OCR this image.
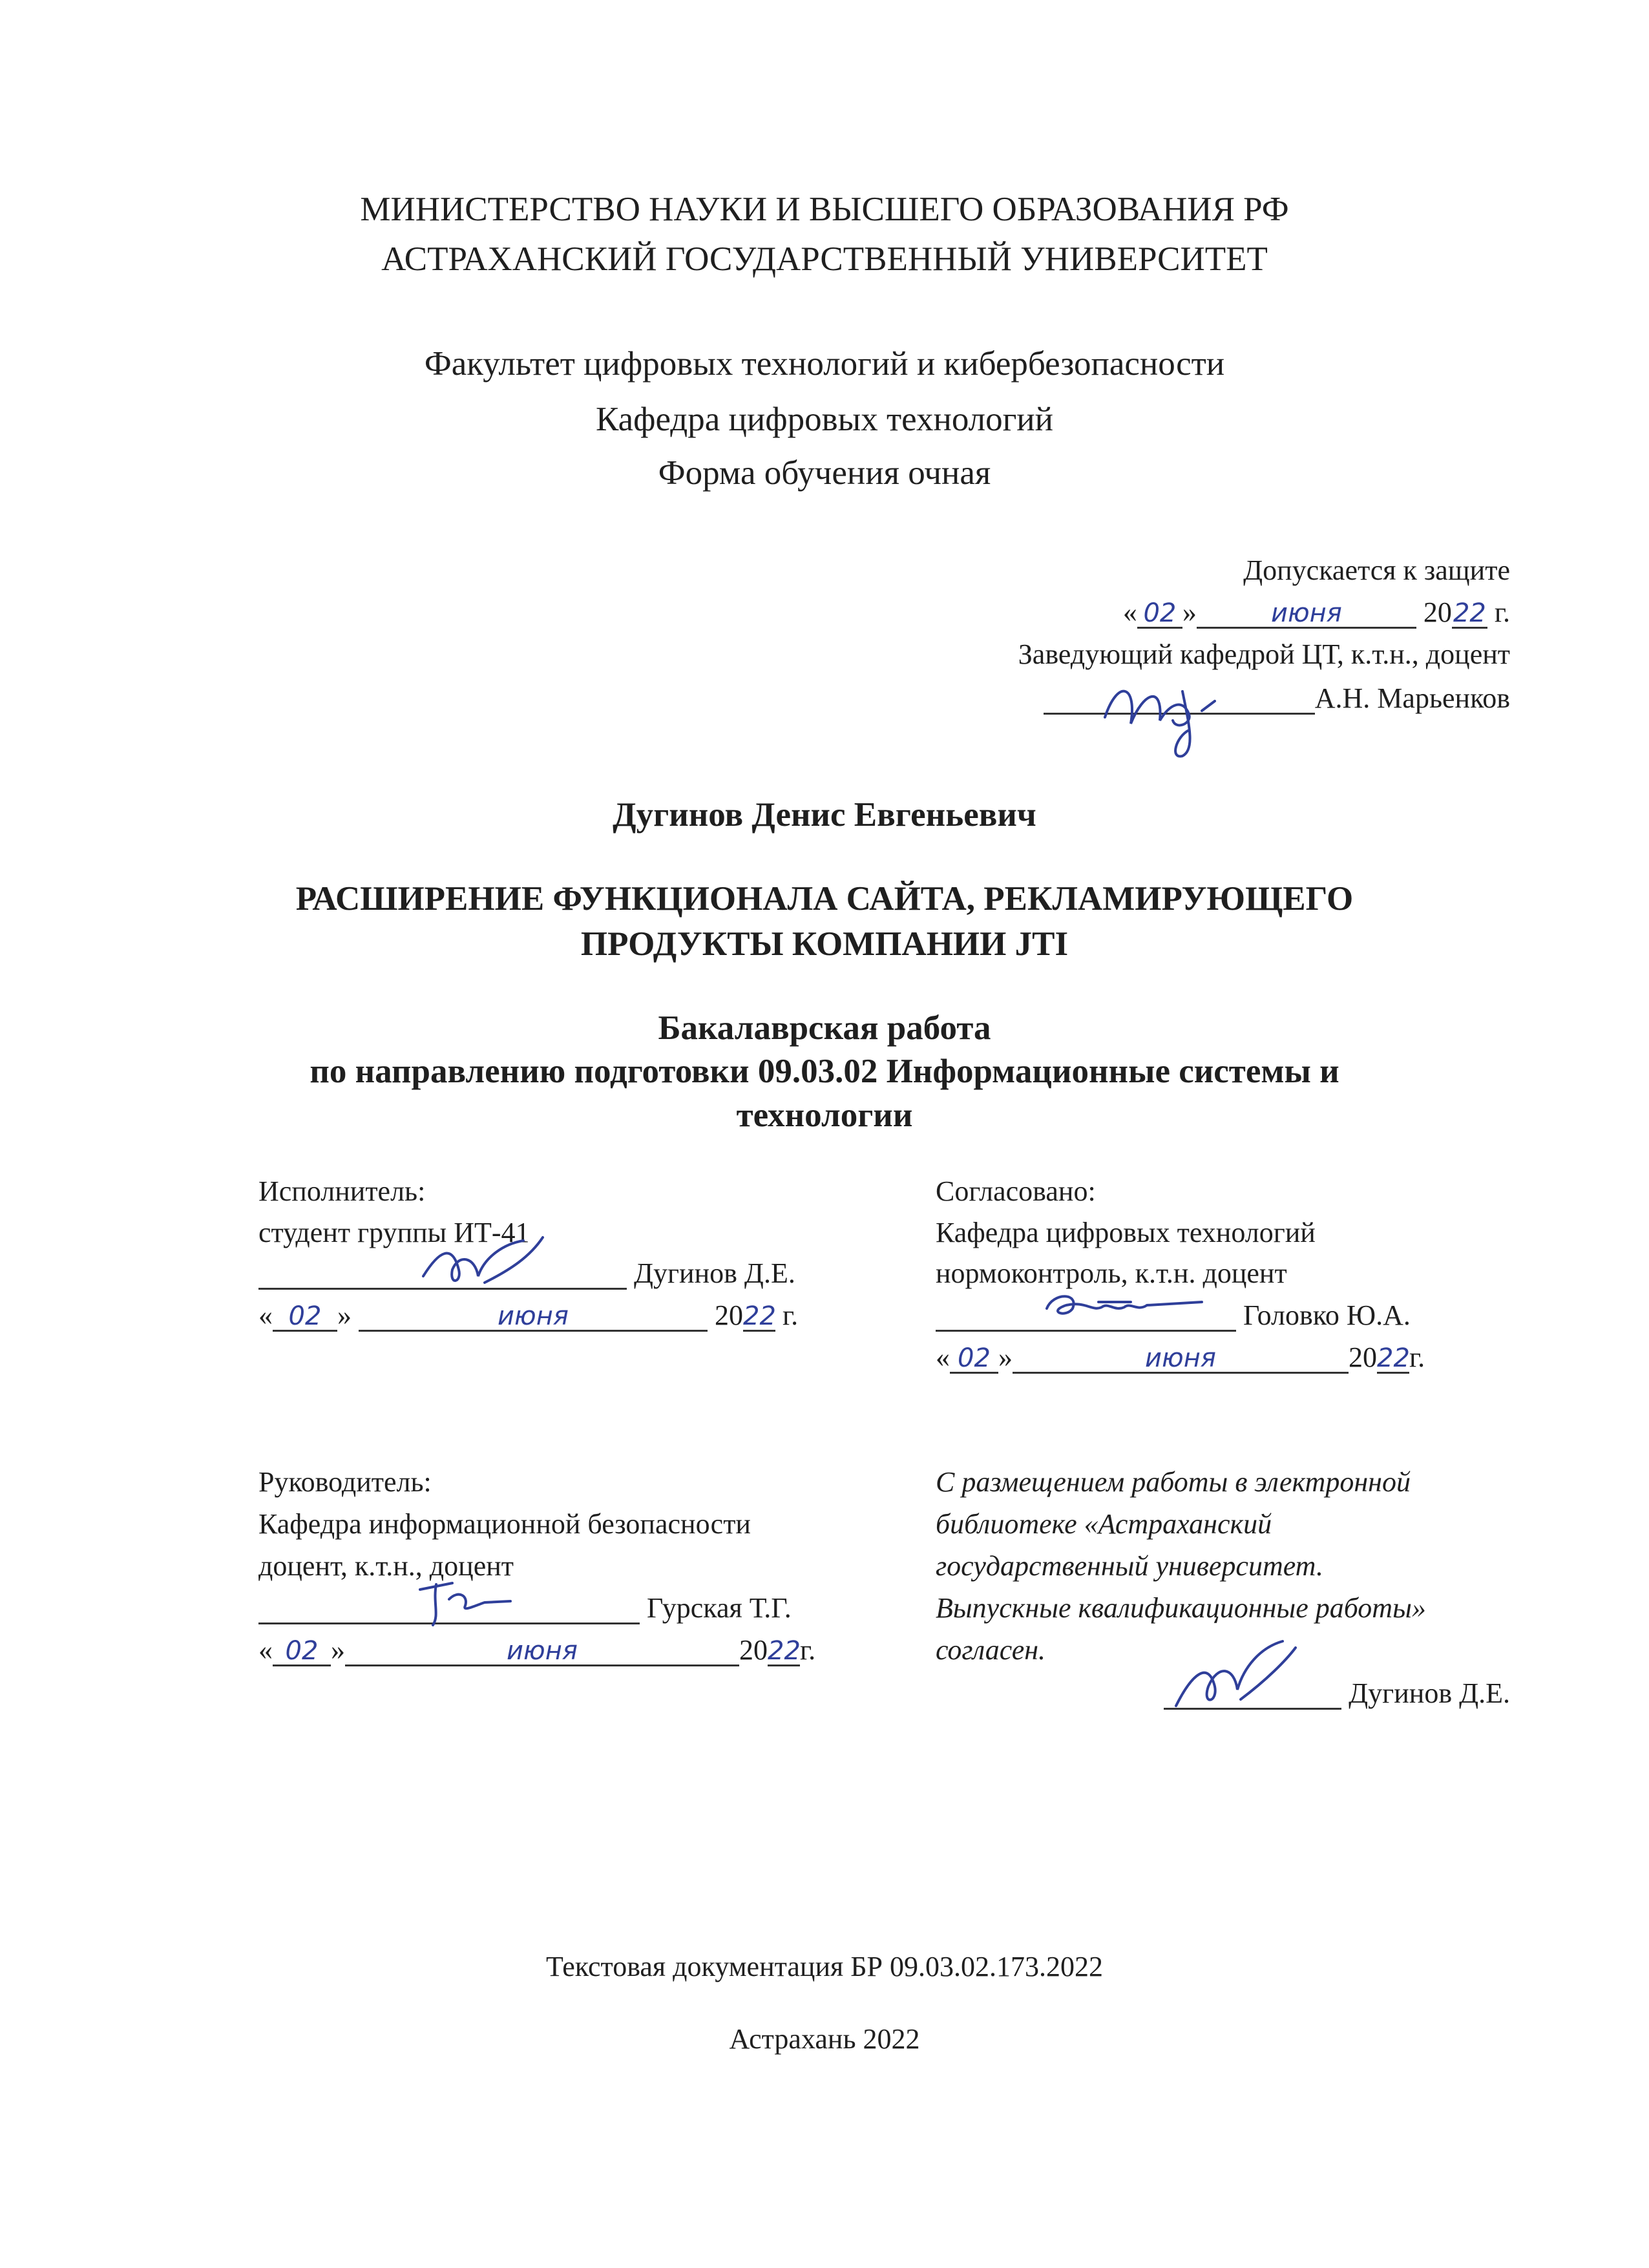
МИНИСТЕРСТВО НАУКИ И ВЫСШЕГО ОБРАЗОВАНИЯ РФ
АСТРАХАНСКИЙ ГОСУДАРСТВЕННЫЙ УНИВЕРСИТЕТ
Факультет цифровых технологий и кибербезопасности
Кафедра цифровых технологий
Форма обучения очная
Допускается к защите
« 02 »	июня	2022 г.
Заведующий кафедрой ЦТ, к.т.н., доцент
А.Н. Марьенков
Дугинов Денис Евгеньевич
РАСШИРЕНИЕ ФУНКЦИОНАЛА САЙТА, РЕКЛАМИРУЮЩЕГО
ПРОДУКТЫ КОМПАНИИ JTI
Бакалаврская работа
по направлению подготовки 09.03.02 Информационные системы и
технологии
Исполнитель:
студент группы ИТ-41
Дугинов Д.Е.
« 02 »	июня	2022 г.
Согласовано:
Кафедра цифровых технологий
нормоконтроль, к.т.н. доцент
Головко Ю.А.
« 02 »	июня	2022г.
Руководитель:
Кафедра информационной безопасности
доцент, к.т.н., доцент
Гурская Т.Г.
« 02 »	июня	2022г.
С размещением работы в электронной
библиотеке «Астраханский
государственный университет.
Выпускные квалификационные работы»
согласен.
Дугинов Д.Е.
Текстовая документация БР 09.03.02.173.2022
Астрахань 2022
